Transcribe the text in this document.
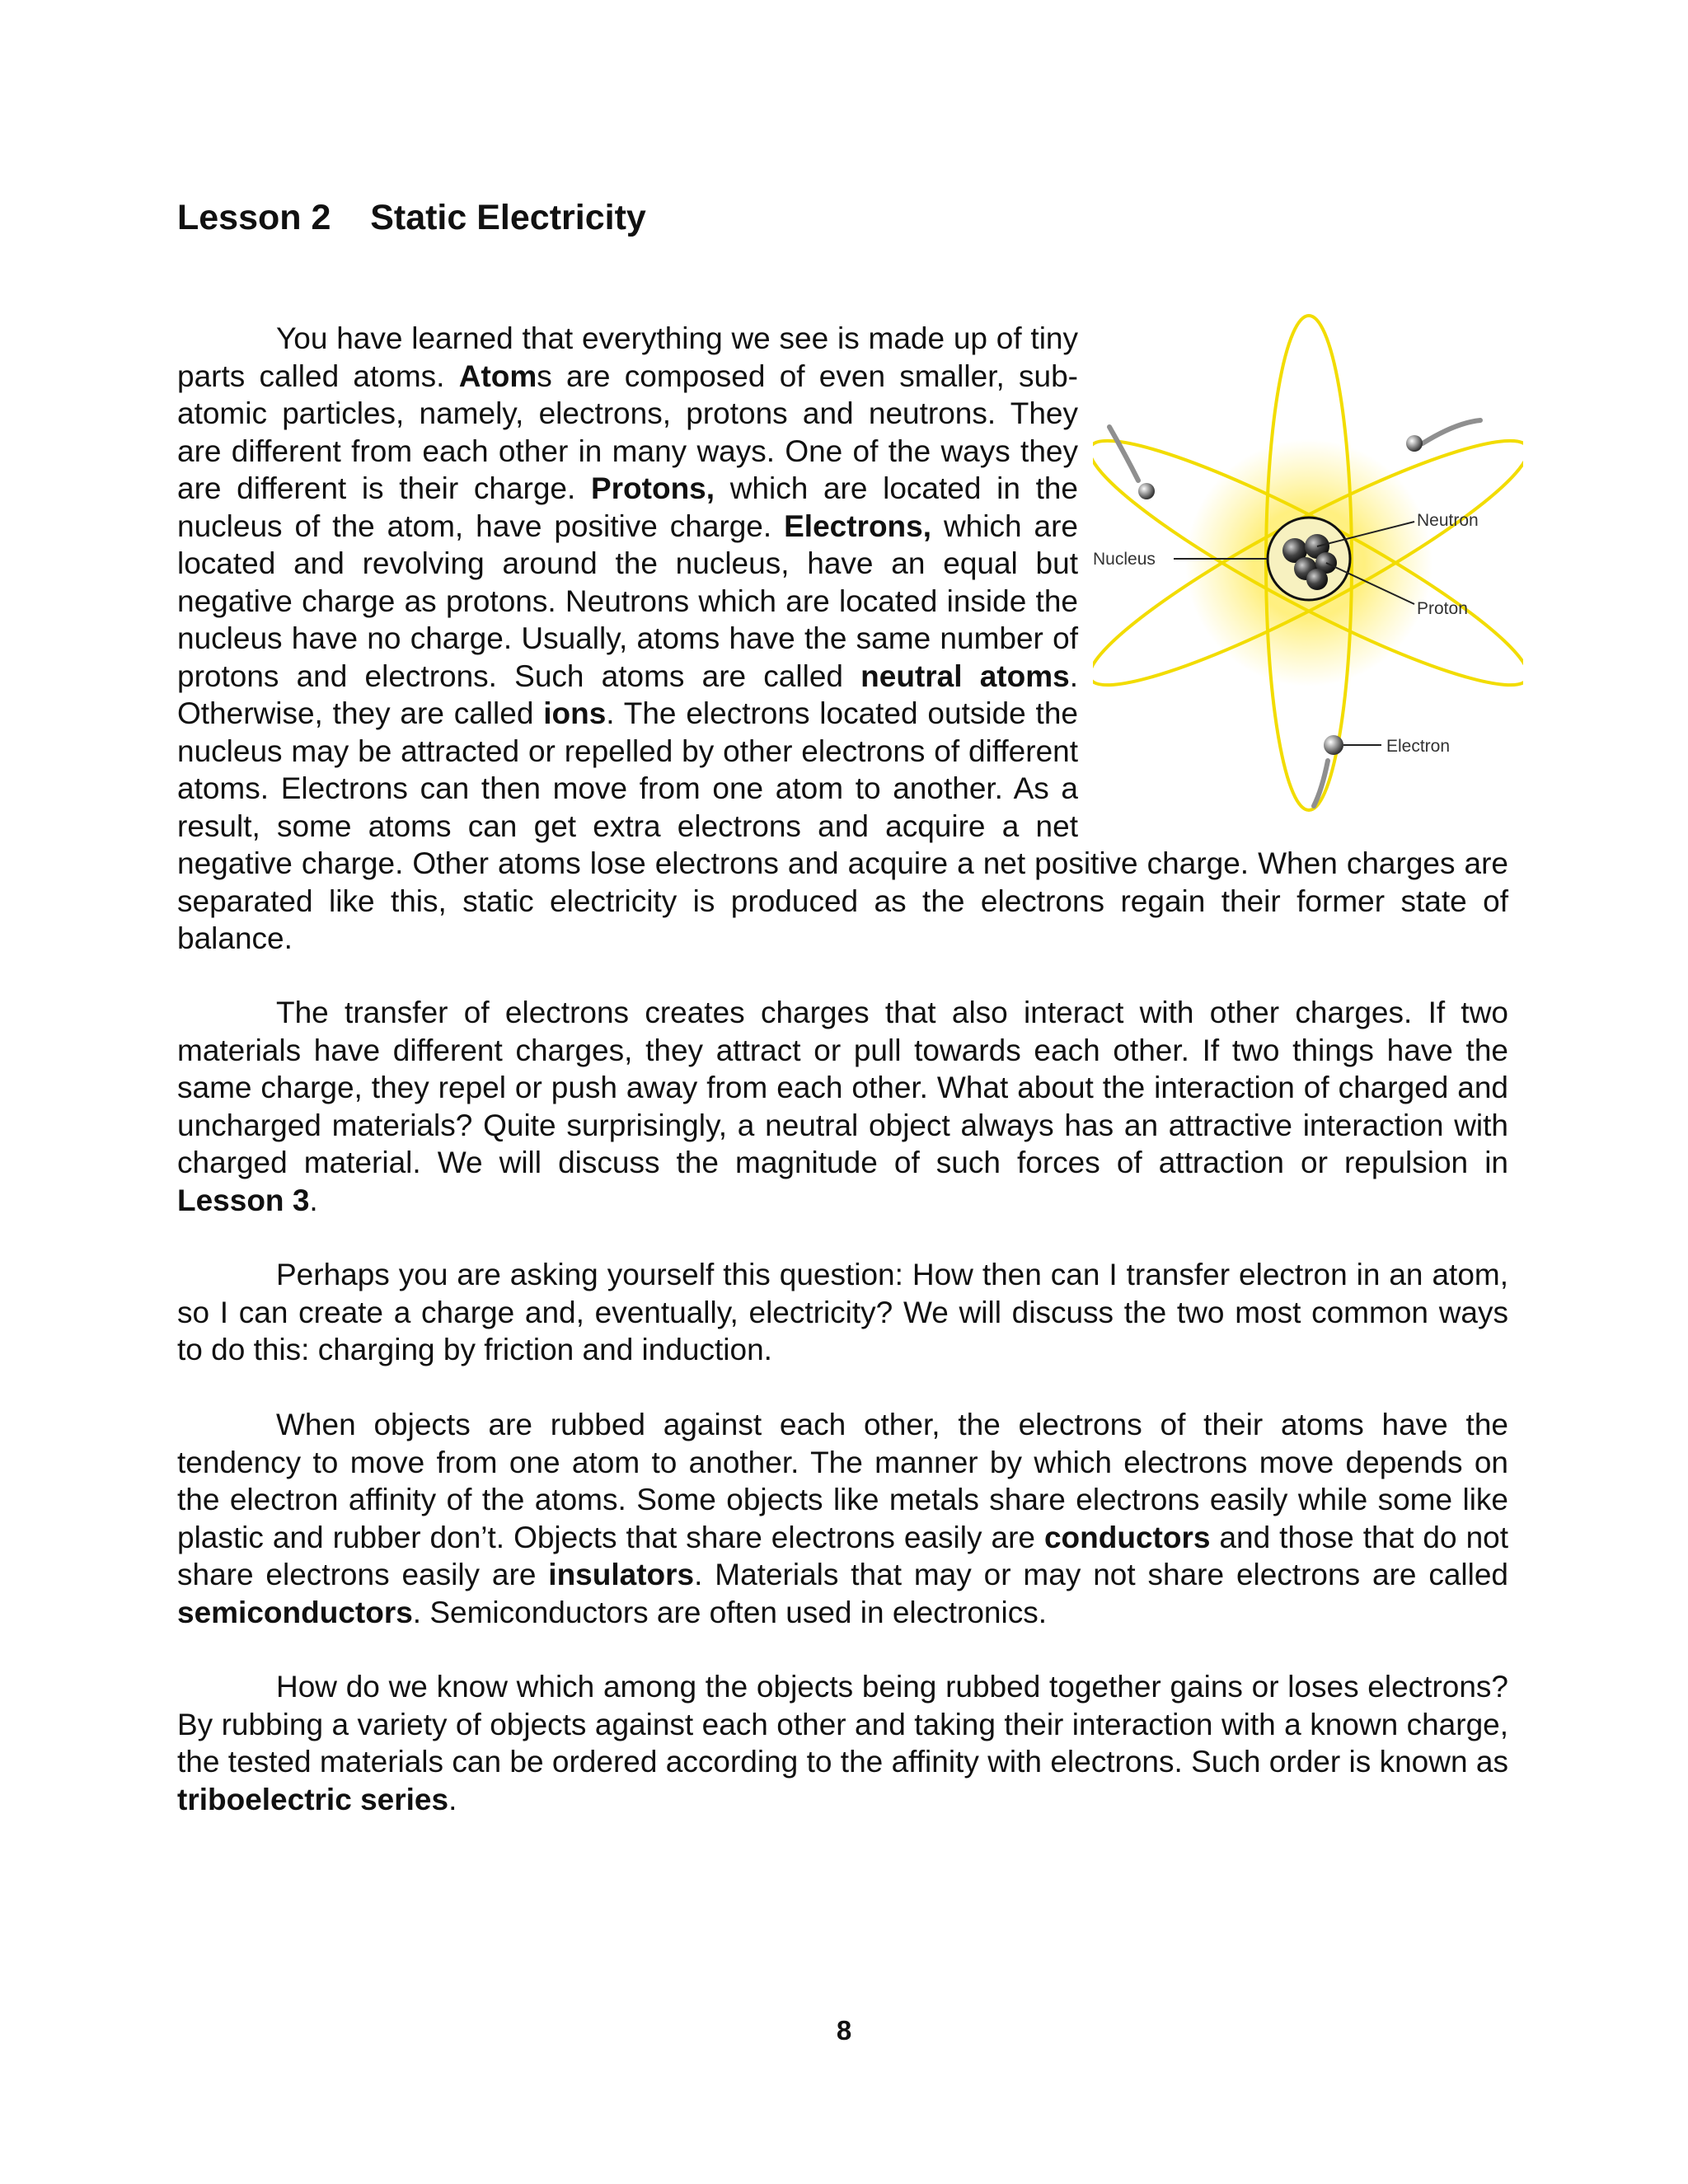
Lesson 2 Static Electricity
Nucleus
Neutron
Proton
Electron
You have learned that everything we see is made up of tiny parts called atoms. Atoms are composed of even smaller, sub-atomic particles, namely, electrons, protons and neutrons. They are different from each other in many ways. One of the ways they are different is their charge. Protons, which are located in the nucleus of the atom, have positive charge. Electrons, which are located and revolving around the nucleus, have an equal but negative charge as protons. Neutrons which are located inside the nucleus have no charge. Usually, atoms have the same number of protons and electrons. Such atoms are called neutral atoms. Otherwise, they are called ions. The electrons located outside the nucleus may be attracted or repelled by other electrons of different atoms. Electrons can then move from one atom to another. As a result, some atoms can get extra electrons and acquire a net negative charge. Other atoms lose electrons and acquire a net positive charge. When charges are separated like this, static electricity is produced as the electrons regain their former state of balance.

The transfer of electrons creates charges that also interact with other charges. If two materials have different charges, they attract or pull towards each other. If two things have the same charge, they repel or push away from each other. What about the interaction of charged and uncharged materials? Quite surprisingly, a neutral object always has an attractive interaction with charged material. We will discuss the magnitude of such forces of attraction or repulsion in Lesson 3.

Perhaps you are asking yourself this question: How then can I transfer electron in an atom, so I can create a charge and, eventually, electricity? We will discuss the two most common ways to do this: charging by friction and induction.

When objects are rubbed against each other, the electrons of their atoms have the tendency to move from one atom to another. The manner by which electrons move depends on the electron affinity of the atoms. Some objects like metals share electrons easily while some like plastic and rubber don’t. Objects that share electrons easily are conductors and those that do not share electrons easily are insulators. Materials that may or may not share electrons are called semiconductors. Semiconductors are often used in electronics.

How do we know which among the objects being rubbed together gains or loses electrons? By rubbing a variety of objects against each other and taking their interaction with a known charge, the tested materials can be ordered according to the affinity with electrons. Such order is known as triboelectric series.

8
